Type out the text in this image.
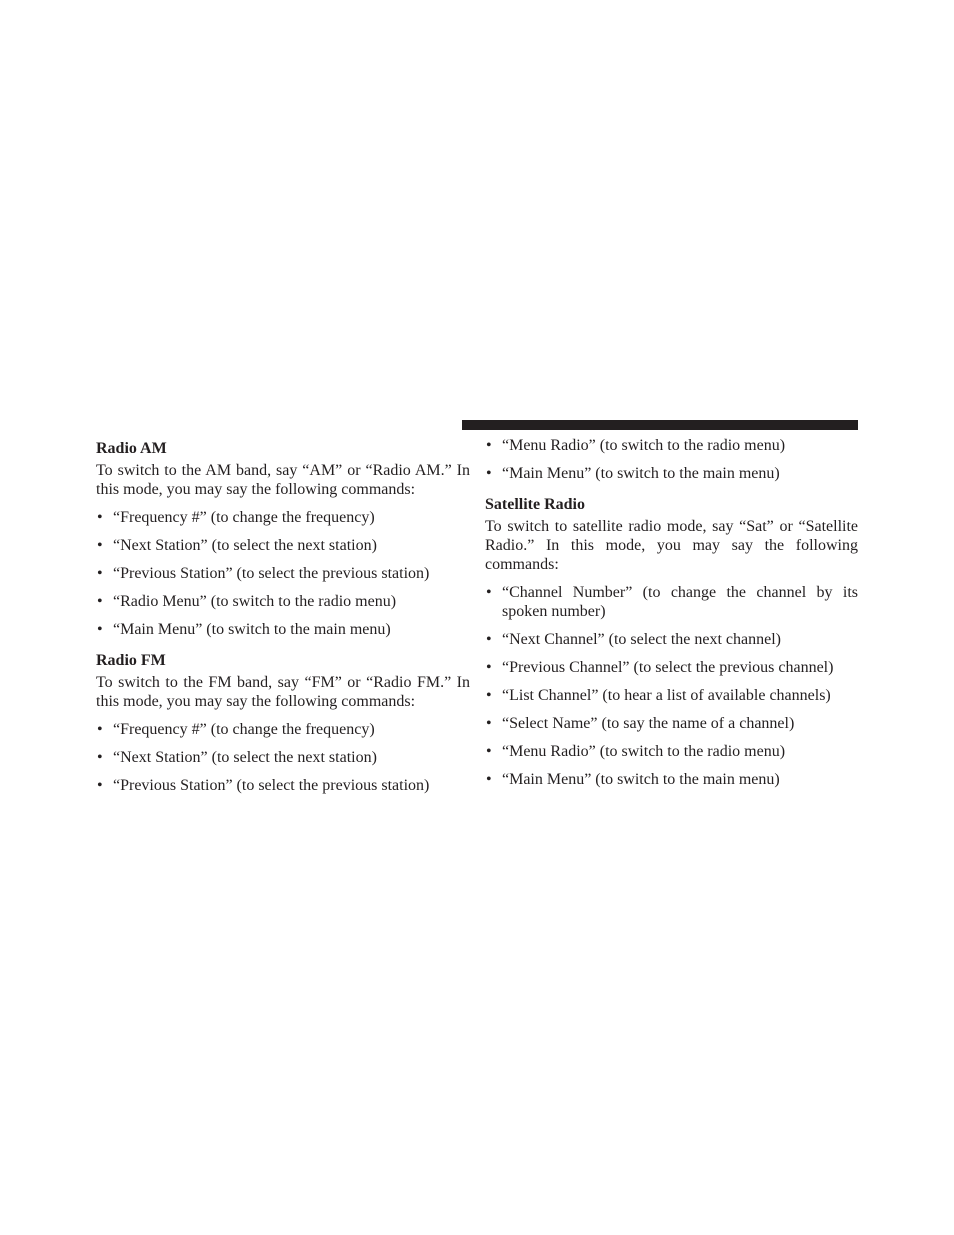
Radio AM

To switch to the AM band, say “AM” or “Radio AM.” In this mode, you may say the following commands:

• “Frequency #” (to change the frequency)
• “Next Station” (to select the next station)
• “Previous Station” (to select the previous station)
• “Radio Menu” (to switch to the radio menu)
• “Main Menu” (to switch to the main menu)

Radio FM

To switch to the FM band, say “FM” or “Radio FM.” In this mode, you may say the following commands:

• “Frequency #” (to change the frequency)
• “Next Station” (to select the next station)
• “Previous Station” (to select the previous station)
• “Menu Radio” (to switch to the radio menu)
• “Main Menu” (to switch to the main menu)

Satellite Radio

To switch to satellite radio mode, say “Sat” or “Satellite Radio.” In this mode, you may say the following commands:

• “Channel Number” (to change the channel by its spoken number)
• “Next Channel” (to select the next channel)
• “Previous Channel” (to select the previous channel)
• “List Channel” (to hear a list of available channels)
• “Select Name” (to say the name of a channel)
• “Menu Radio” (to switch to the radio menu)
• “Main Menu” (to switch to the main menu)
